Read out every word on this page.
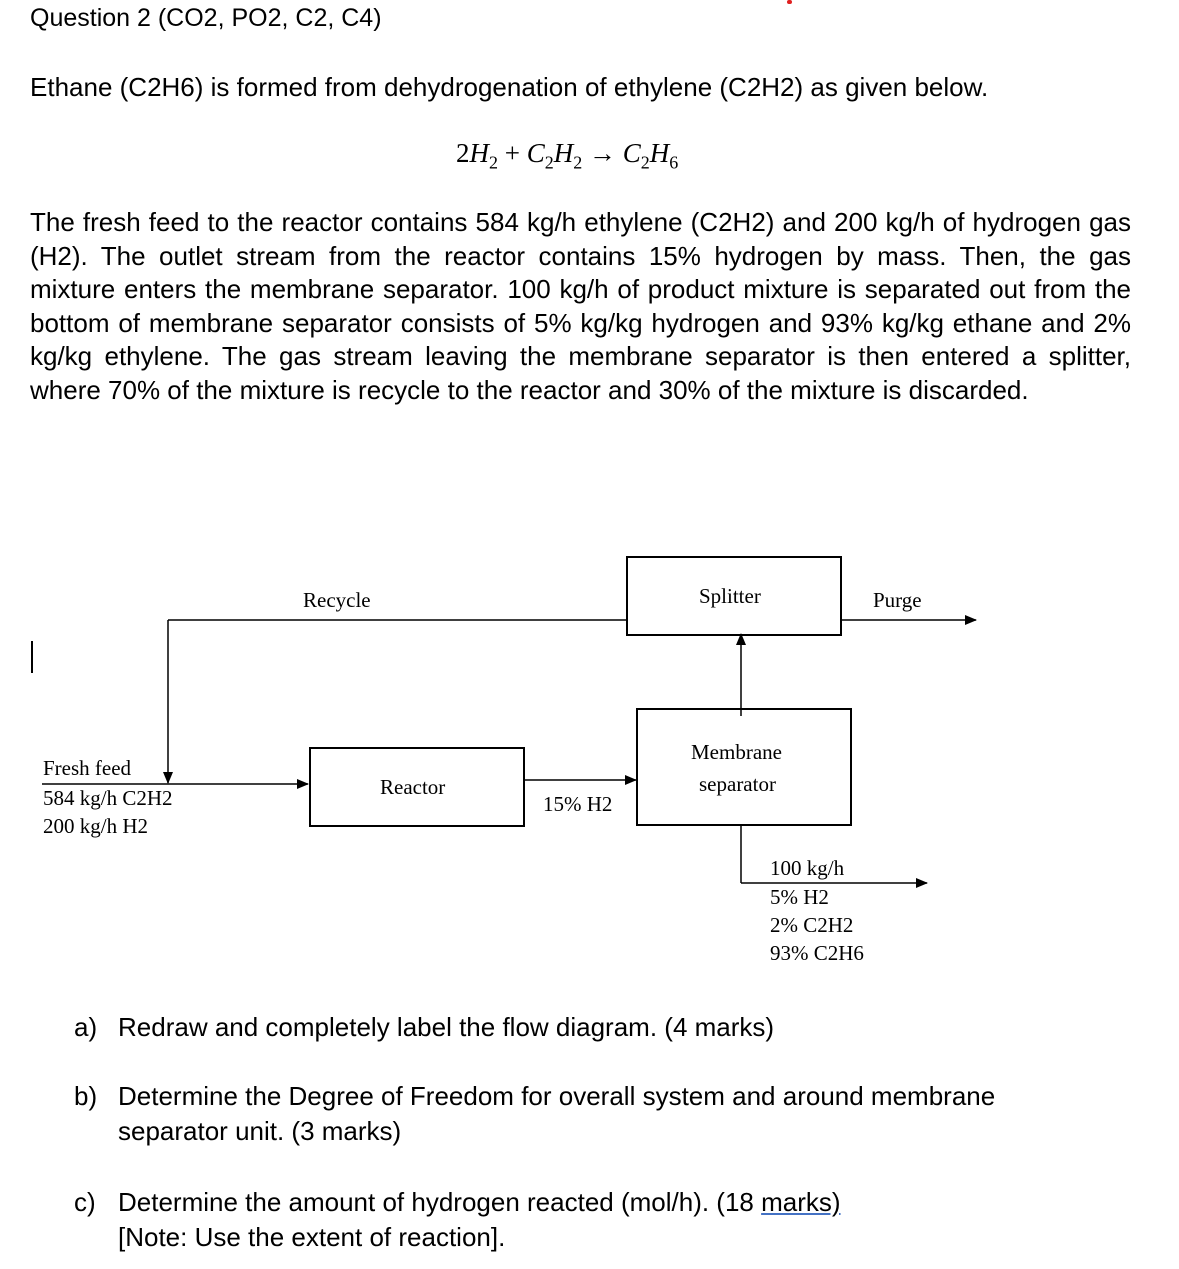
Question 2 (CO2, PO2, C2, C4)
Ethane (C2H6) is formed from dehydrogenation of ethylene (C2H2) as given below.
$2H_2 + C_2H_2 \to C_2H_6$
The fresh feed to the reactor contains 584 kg/h ethylene (C2H2) and 200 kg/h of hydrogen gas (H2). The outlet stream from the reactor contains 15% hydrogen by mass. Then, the gas mixture enters the membrane separator. 100 kg/h of product mixture is separated out from the bottom of membrane separator consists of 5% kg/kg hydrogen and 93% kg/kg ethane and 2% kg/kg ethylene. The gas stream leaving the membrane separator is then entered a splitter, where 70% of the mixture is recycle to the reactor and 30% of the mixture is discarded.
Recycle	Splitter	Purge
Membrane
separator
Reactor
15% H2
Fresh feed
584 kg/h C2H2
200 kg/h H2
100 kg/h
5% H2
2% C2H2
93% C2H6
a) Redraw and completely label the flow diagram. (4 marks)
b) Determine the Degree of Freedom for overall system and around membrane
separator unit. (3 marks)
c) Determine the amount of hydrogen reacted (mol/h). (18 marks)
[Note: Use the extent of reaction].
